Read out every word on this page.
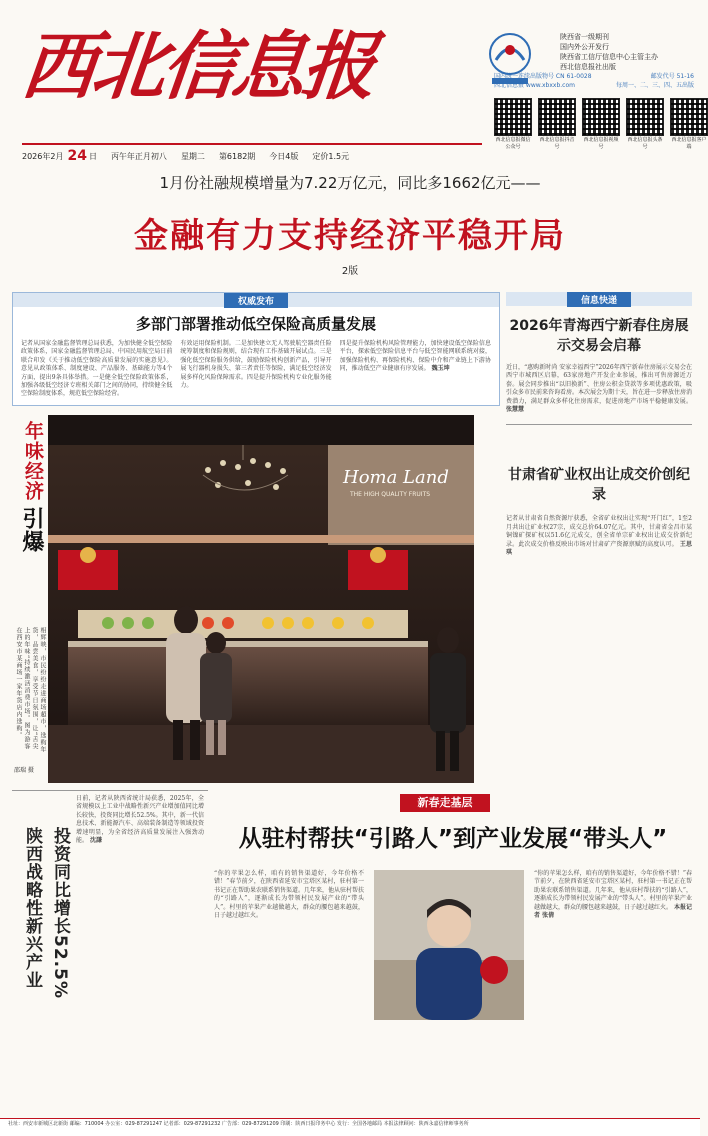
西北信息报	陕西省一级期刊
国内外公开发行
陕西省工信厅信息中心主管主办
西北信息报社出版
国内统一连续出版物号 CN 61-0028	邮发代号 51-16
西北信息报 www.xbxxb.com	每周一、二、三、四、五出版
西北信息报微信公众号
西北信息报抖音号
西北信息报视频号
西北信息报头条号
西北信息报客户端
2026年2月 24 日 丙午年正月初八 星期二 第6182期 今日4版 定价1.5元
1月份社融规模增量为7.22万亿元，同比多1662亿元——
金融有力支持经济平稳开局
2版
权威发布
多部门部署推动低空保险高质量发展
记者从国家金融监督管理总局获悉，为加快健全低空保险政策体系，国家金融监督管理总局、中国民用航空局日前联合印发《关于推动低空保险高质量发展的实施意见》。意见从政策体系、制度建设、产品服务、基础能力等4个方面，提出9条具体举措。一是健全低空保险政策体系，加强各级低空经济专班相关部门之间的协同，持续健全低空保险制度体系，规范低空保险经营。
有效运用保险机制。二是加快建立无人驾驶航空器责任险统筹制度和保险规则，结合现有工作基础开展试点。三是强化低空保险服务供给，鼓励保险机构创新产品，引导开展飞行器机身损失、第三者责任等保险，满足低空经济发展多样化风险保障需求。四是提升保险机构专业化服务能力。
四是提升保险机构风险管理能力，加快建设低空保险信息平台，探索低空保险信息平台与低空智能网联系统对接，加强保险机构、再保险机构、保险中介和产业链上下游协同，推动低空产业健康有序发展。 魏玉坤
年味经济
引爆
相辉映，市民纷纷走进商场超市，选购年货，品尝美食，享受节日氛围，让“舌尖上的年味”持续激活消费市场。图为游客在西安市某商场一家年货店内选购。
邵瑞 摄
Homa Land
THE HIGH QUALITY FRUITS
信息快递
2026年青海西宁新春住房展示交易会启幕
近日，“惠购新时尚 安家幸福西宁”2026年西宁新春住房展示交易会在西宁市城西区启幕，63家房地产开发企业参展，推出可售房源近万套。展会同步推出“以旧换新”、住房公积金贷款等多项优惠政策，吸引众多市民前来咨询看房。本次展会为期十天，旨在进一步释放住房消费潜力，满足群众多样化住房需求，促进房地产市场平稳健康发展。 张慧慧
甘肃省矿业权出让成交价创纪录
记者从甘肃省自然资源厅获悉，全省矿业权出让实现“开门红”，1至2月共出让矿业权27宗，成交总价64.07亿元。其中，甘肃省金昌市某铜镍矿探矿权以51.6亿元成交，创全省单宗矿业权出让成交价新纪录。此次成交价格反映出市场对甘肃矿产资源禀赋的高度认可。 王思琪
陕西战略性新兴产业 投资同比增长52.5%
日前，记者从陕西省统计局获悉，2025年，全省规模以上工业中战略性新兴产业增加值同比增长较快，投资同比增长52.5%。其中，新一代信息技术、新能源汽车、高端装备制造等领域投资增速明显，为全省经济高质量发展注入强劲动能。 沈謙
新春走基层
从驻村帮扶“引路人”到产业发展“带头人”
“你的苹果怎么样，咱有的销售渠道好，今年价格不错！”春节前夕，在陕西省延安市宝塔区某村，驻村第一书记正在帮助果农联系销售渠道。几年来，他从驻村帮扶的“引路人”，逐渐成长为带领村民发展产业的“带头人”。村里的苹果产业越做越大，群众的腰包越来越鼓，日子越过越红火。
“你的苹果怎么样，咱有的销售渠道好，今年价格不错！”春节前夕，在陕西省延安市宝塔区某村，驻村第一书记正在帮助果农联系销售渠道。几年来，他从驻村帮扶的“引路人”，逐渐成长为带领村民发展产业的“带头人”。村里的苹果产业越做越大，群众的腰包越来越鼓，日子越过越红火。 本报记者 张倩
社址：西安市新城区北新街 邮编：710004 办公室：029-87291247 记者部：029-87291232 广告部：029-87291209 印刷：陕西日报印务中心 发行：全国各地邮局 本报法律顾问：陕西永嘉信律师事务所
